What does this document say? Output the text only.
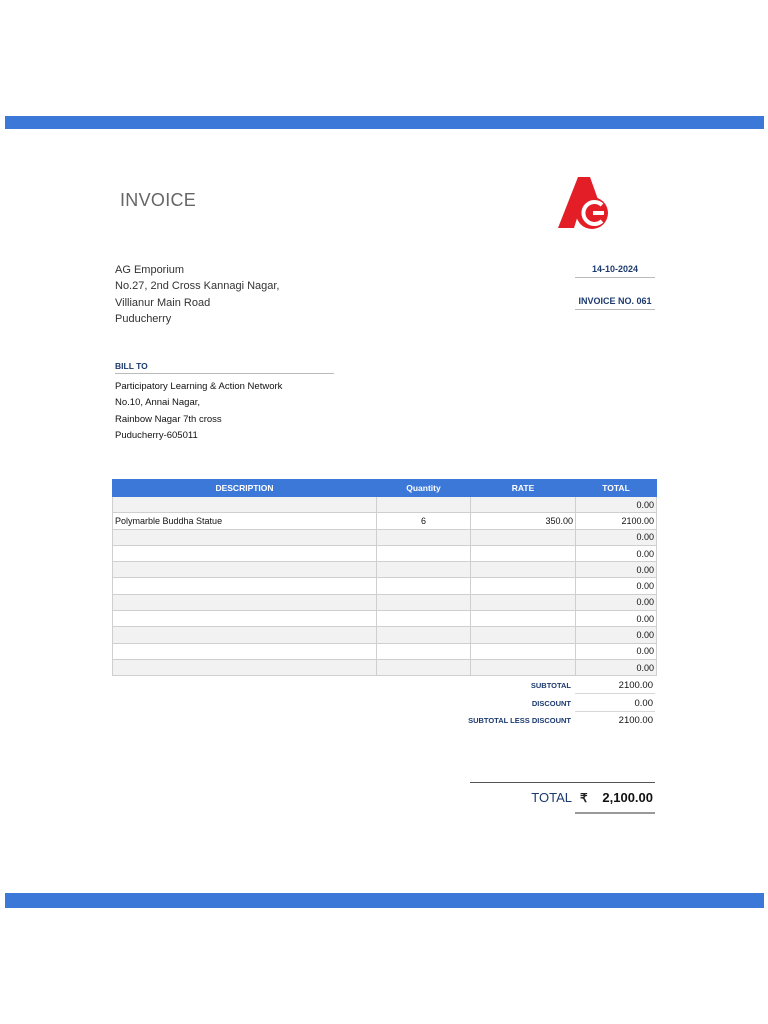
INVOICE
AG Emporium
No.27, 2nd Cross Kannagi Nagar,
Villianur Main Road
Puducherry
14-10-2024
INVOICE NO. 061
BILL TO
Participatory Learning & Action Network
No.10, Annai Nagar,
Rainbow Nagar 7th cross
Puducherry-605011
DESCRIPTION	Quantity	RATE	TOTAL
			0.00
Polymarble Buddha Statue	6	350.00	2100.00
			0.00
			0.00
			0.00
			0.00
			0.00
			0.00
			0.00
			0.00
			0.00
SUBTOTAL	2100.00
DISCOUNT	0.00
SUBTOTAL LESS DISCOUNT	2100.00
TOTAL ₹	2,100.00
